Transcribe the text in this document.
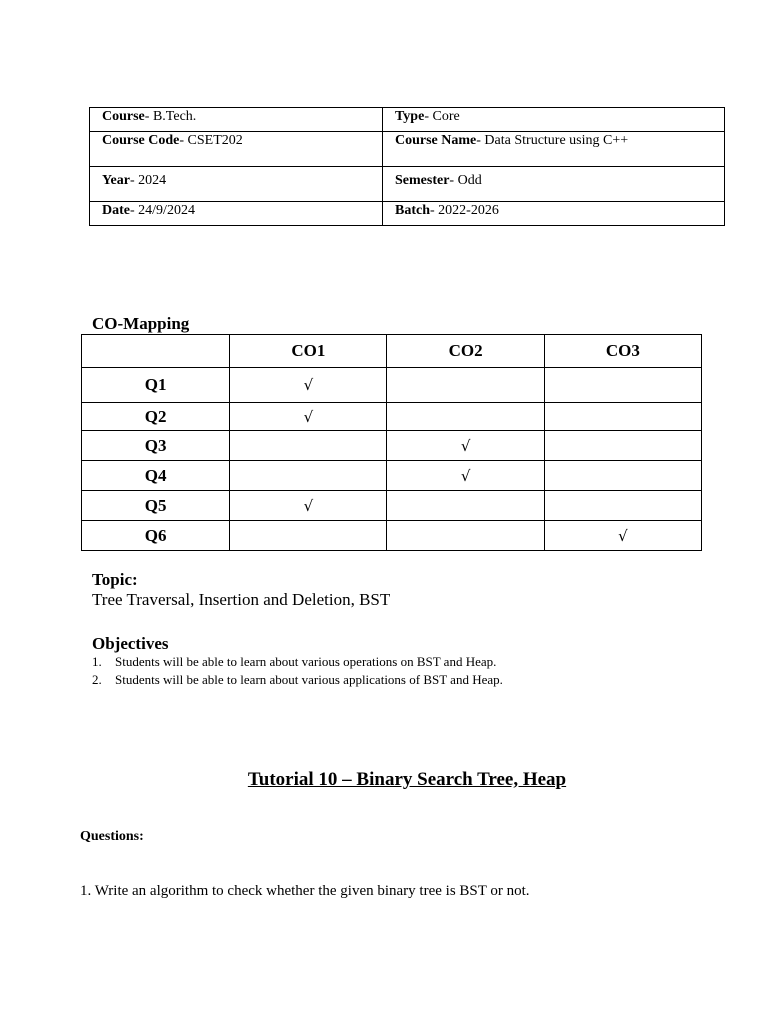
Course- B.Tech.	Type- Core
Course Code- CSET202	Course Name- Data Structure using C++
Year- 2024	Semester- Odd
Date- 24/9/2024	Batch- 2022-2026
CO-Mapping
	CO1	CO2	CO3
Q1	√		
Q2	√		
Q3		√	
Q4		√	
Q5	√		
Q6			√
Topic:
Tree Traversal, Insertion and Deletion, BST
Objectives
1. Students will be able to learn about various operations on BST and Heap.
2. Students will be able to learn about various applications of BST and Heap.
Tutorial 10 – Binary Search Tree, Heap
Questions:
1. Write an algorithm to check whether the given binary tree is BST or not.
